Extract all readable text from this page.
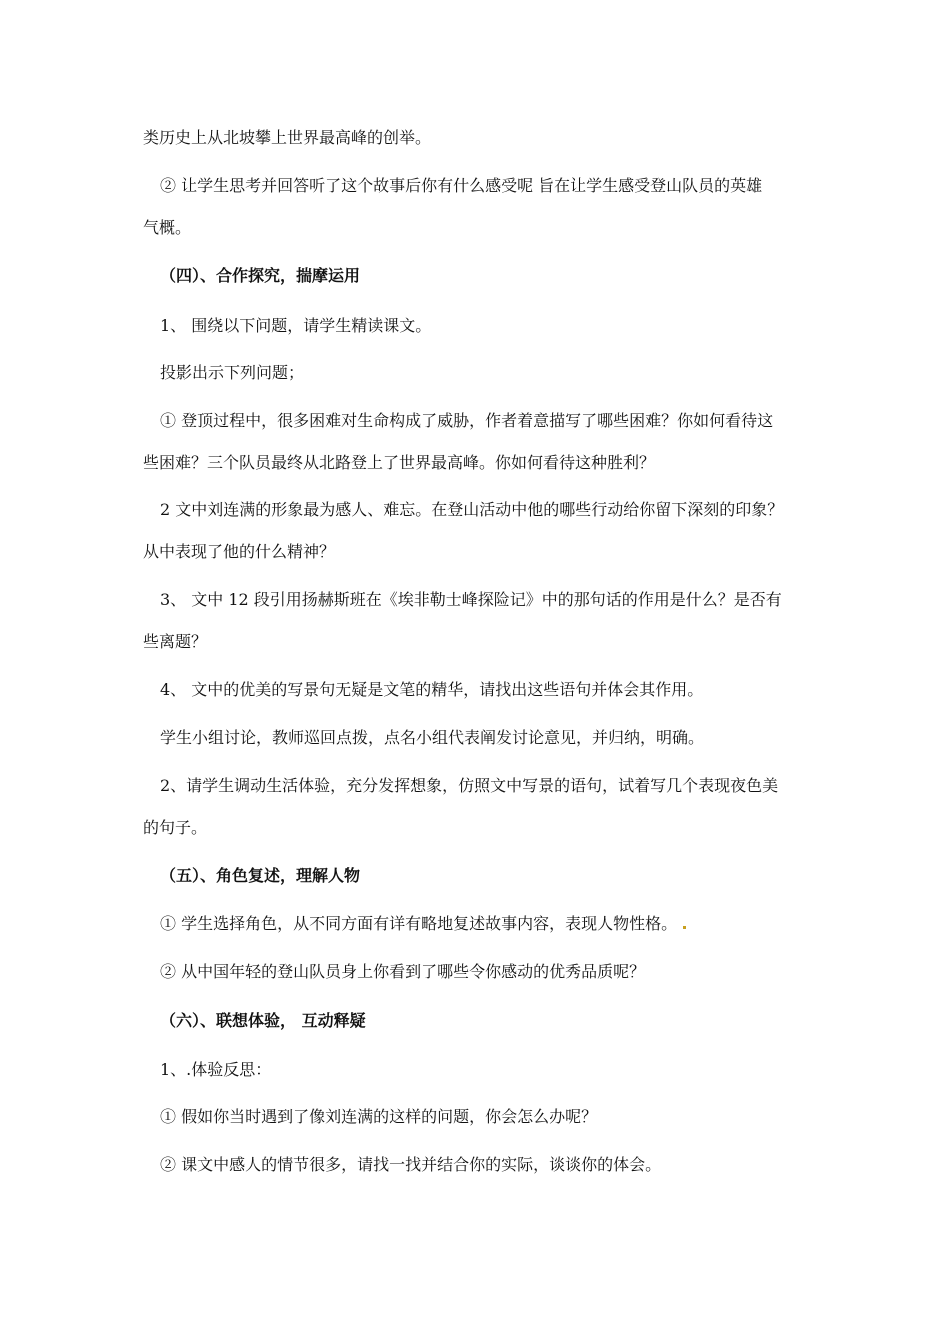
类历史上从北坡攀上世界最高峰的创举。
② 让学生思考并回答听了这个故事后你有什么感受呢 旨在让学生感受登山队员的英雄
气概。
（四）、合作探究，揣摩运用
1、 围绕以下问题，请学生精读课文。
投影出示下列问题；
① 登顶过程中，很多困难对生命构成了威胁，作者着意描写了哪些困难？你如何看待这
些困难？三个队员最终从北路登上了世界最高峰。你如何看待这种胜利？
2 文中刘连满的形象最为感人、难忘。在登山活动中他的哪些行动给你留下深刻的印象？
从中表现了他的什么精神？
3、 文中 12 段引用扬赫斯班在《埃非勒士峰探险记》中的那句话的作用是什么？是否有
些离题？
4、 文中的优美的写景句无疑是文笔的精华，请找出这些语句并体会其作用。
学生小组讨论，教师巡回点拨，点名小组代表阐发讨论意见，并归纳，明确。
2、请学生调动生活体验，充分发挥想象，仿照文中写景的语句，试着写几个表现夜色美
的句子。
（五）、角色复述，理解人物
① 学生选择角色，从不同方面有详有略地复述故事内容，表现人物性格。
② 从中国年轻的登山队员身上你看到了哪些令你感动的优秀品质呢？
（六）、联想体验， 互动释疑
1、.体验反思：
① 假如你当时遇到了像刘连满的这样的问题，你会怎么办呢？
② 课文中感人的情节很多，请找一找并结合你的实际，谈谈你的体会。
